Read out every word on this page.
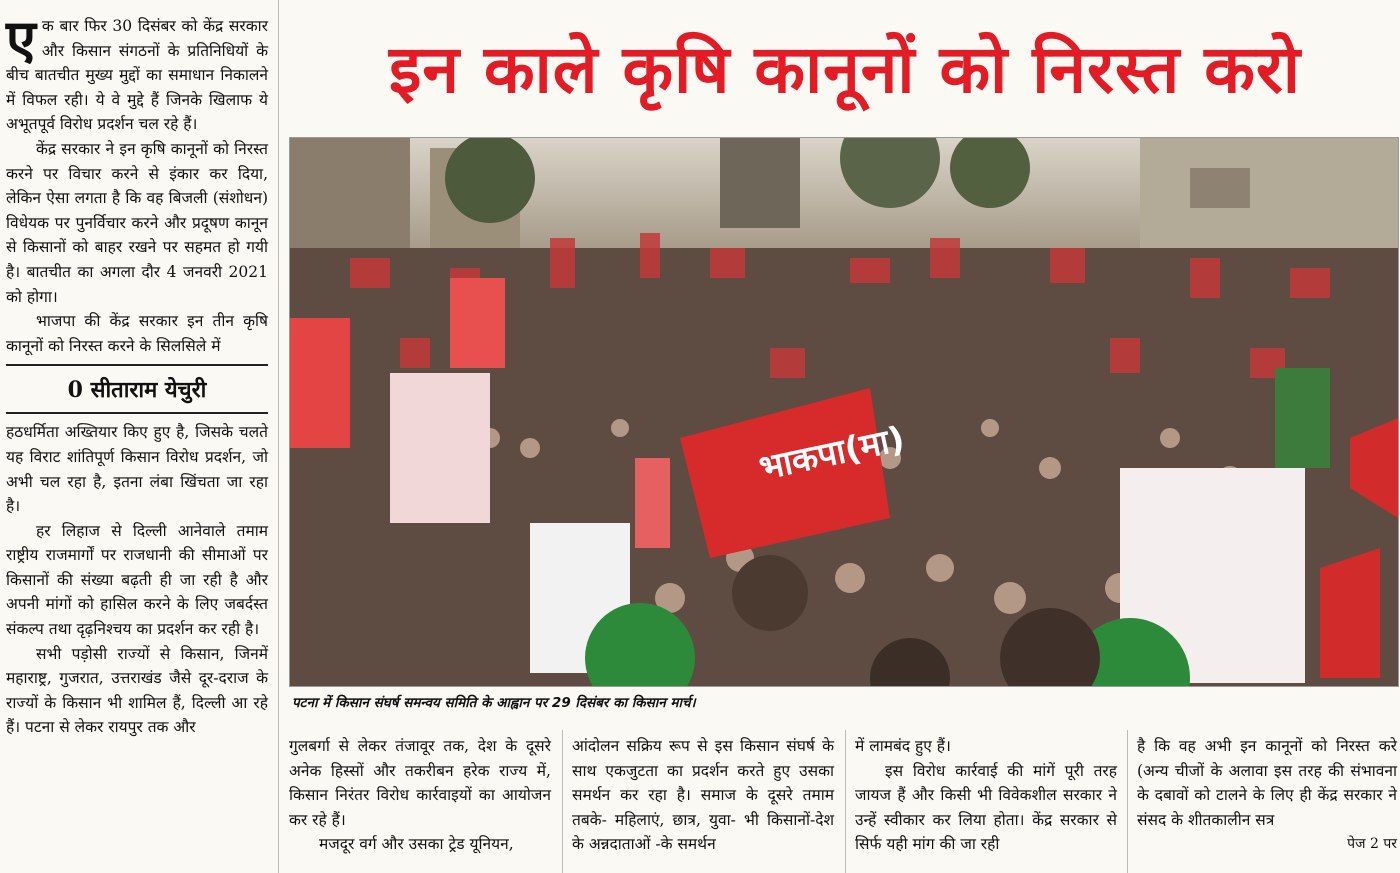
एक बार फिर 30 दिसंबर को केंद्र सरकार और किसान संगठनों के प्रतिनिधियों के बीच बातचीत मुख्य मुद्दों का समाधान निकालने में विफल रही। ये वे मुद्दे हैं जिनके खिलाफ ये अभूतपूर्व विरोध प्रदर्शन चल रहे हैं।

केंद्र सरकार ने इन कृषि कानूनों को निरस्त करने पर विचार करने से इंकार कर दिया, लेकिन ऐसा लगता है कि वह बिजली (संशोधन) विधेयक पर पुनर्विचार करने और प्रदूषण कानून से किसानों को बाहर रखने पर सहमत हो गयी है। बातचीत का अगला दौर 4 जनवरी 2021 को होगा।

भाजपा की केंद्र सरकार इन तीन कृषि कानूनों को निरस्त करने के सिलसिले में

0 सीताराम येचुरी

हठधर्मिता अख्तियार किए हुए है, जिसके चलते यह विराट शांतिपूर्ण किसान विरोध प्रदर्शन, जो अभी चल रहा है, इतना लंबा खिंचता जा रहा है।

हर लिहाज से दिल्ली आनेवाले तमाम राष्ट्रीय राजमार्गों पर राजधानी की सीमाओं पर किसानों की संख्या बढ़ती ही जा रही है और अपनी मांगों को हासिल करने के लिए जबर्दस्त संकल्प तथा दृढ़निश्चय का प्रदर्शन कर रही है।

सभी पड़ोसी राज्यों से किसान, जिनमें महाराष्ट्र, गुजरात, उत्तराखंड जैसे दूर-दराज के राज्यों के किसान भी शामिल हैं, दिल्ली आ रहे हैं। पटना से लेकर रायपुर तक और

इन काले कृषि कानूनों को निरस्त करो
भाकपा(मा)
पटना में किसान संघर्ष समन्वय समिति के आह्वान पर 29 दिसंबर का किसान मार्च।

गुलबर्गा से लेकर तंजावूर तक, देश के दूसरे अनेक हिस्सों और तकरीबन हरेक राज्य में, किसान निरंतर विरोध कार्रवाइयों का आयोजन कर रहे हैं।

मजदूर वर्ग और उसका ट्रेड यूनियन,

आंदोलन सक्रिय रूप से इस किसान संघर्ष के साथ एकजुटता का प्रदर्शन करते हुए उसका समर्थन कर रहा है। समाज के दूसरे तमाम तबके- महिलाएं, छात्र, युवा- भी किसानों-देश के अन्नदाताओं -के समर्थन

में लामबंद हुए हैं।

इस विरोध कार्रवाई की मांगें पूरी तरह जायज हैं और किसी भी विवेकशील सरकार ने उन्हें स्वीकार कर लिया होता। केंद्र सरकार से सिर्फ यही मांग की जा रही

है कि वह अभी इन कानूनों को निरस्त करे (अन्य चीजों के अलावा इस तरह की संभावना के दबावों को टालने के लिए ही केंद्र सरकार ने संसद के शीतकालीन सत्र

पेज 2 पर
